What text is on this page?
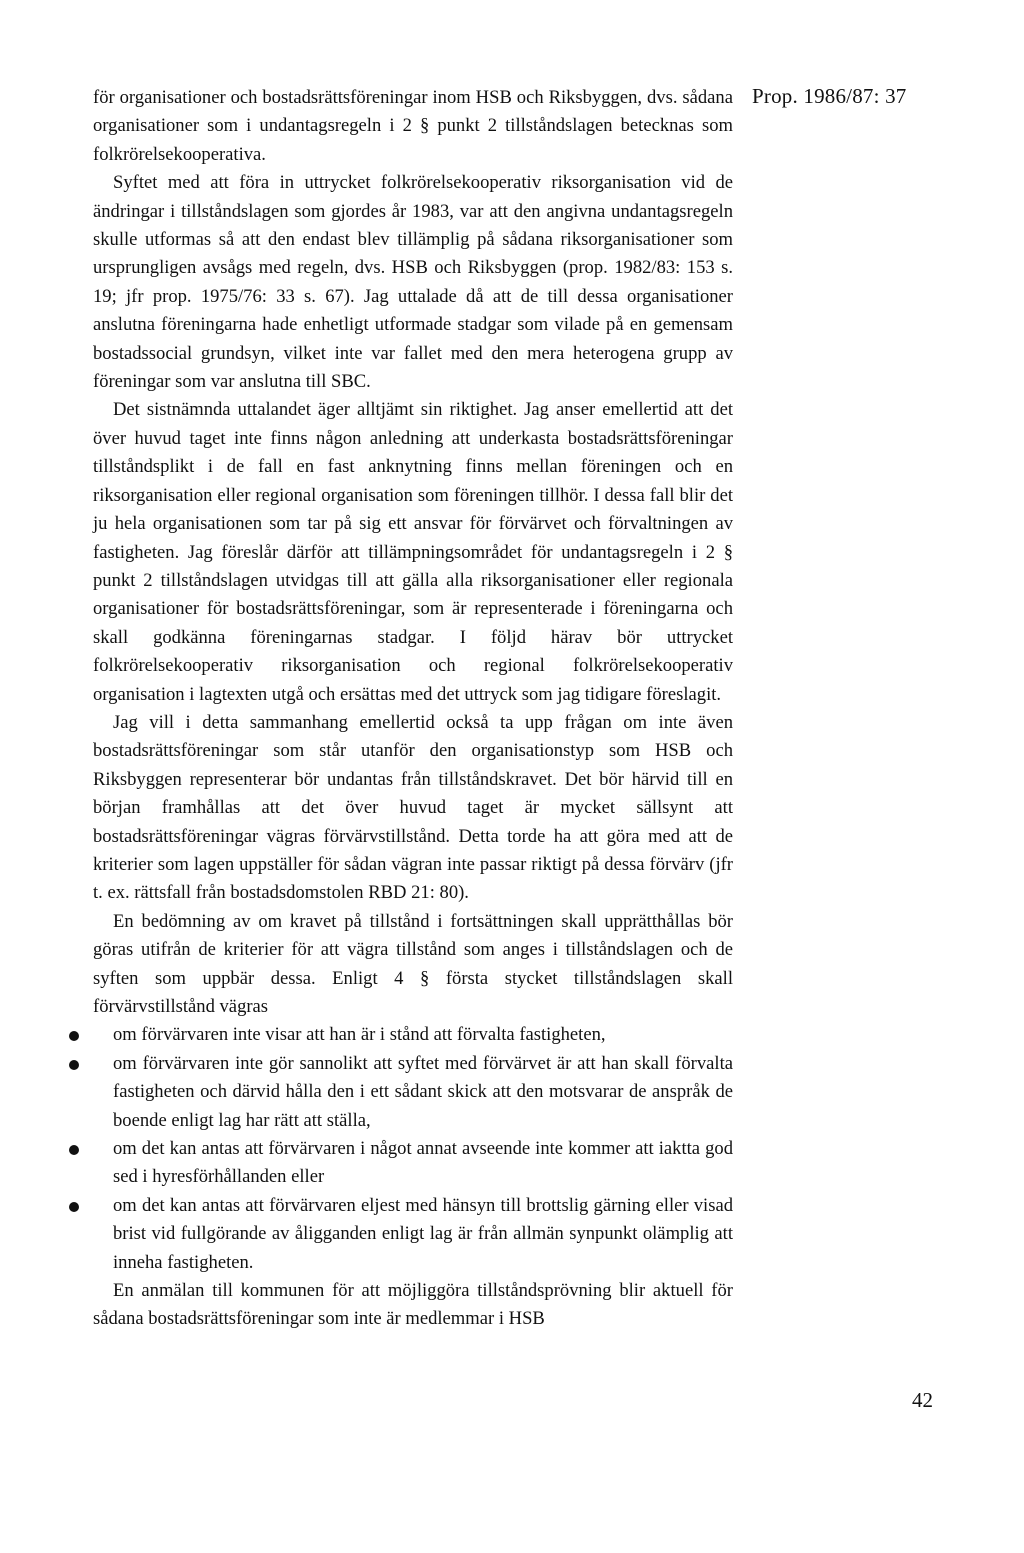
Prop. 1986/87: 37

för organisationer och bostadsrättsföreningar inom HSB och Riksbyggen, dvs. sådana organisationer som i undantagsregeln i 2 § punkt 2 tillståndslagen betecknas som folkrörelsekooperativa.

Syftet med att föra in uttrycket folkrörelsekooperativ riksorganisation vid de ändringar i tillståndslagen som gjordes år 1983, var att den angivna undantagsregeln skulle utformas så att den endast blev tillämplig på sådana riksorganisationer som ursprungligen avsågs med regeln, dvs. HSB och Riksbyggen (prop. 1982/83: 153 s. 19; jfr prop. 1975/76: 33 s. 67). Jag uttalade då att de till dessa organisationer anslutna föreningarna hade enhetligt utformade stadgar som vilade på en gemensam bostadssocial grundsyn, vilket inte var fallet med den mera heterogena grupp av föreningar som var anslutna till SBC.

Det sistnämnda uttalandet äger alltjämt sin riktighet. Jag anser emellertid att det över huvud taget inte finns någon anledning att underkasta bostadsrättsföreningar tillståndsplikt i de fall en fast anknytning finns mellan föreningen och en riksorganisation eller regional organisation som föreningen tillhör. I dessa fall blir det ju hela organisationen som tar på sig ett ansvar för förvärvet och förvaltningen av fastigheten. Jag föreslår därför att tillämpningsområdet för undantagsregeln i 2 § punkt 2 tillståndslagen utvidgas till att gälla alla riksorganisationer eller regionala organisationer för bostadsrättsföreningar, som är representerade i föreningarna och skall godkänna föreningarnas stadgar. I följd härav bör uttrycket folkrörelsekooperativ riksorganisation och regional folkrörelsekooperativ organisation i lagtexten utgå och ersättas med det uttryck som jag tidigare föreslagit.

Jag vill i detta sammanhang emellertid också ta upp frågan om inte även bostadsrättsföreningar som står utanför den organisationstyp som HSB och Riksbyggen representerar bör undantas från tillståndskravet. Det bör härvid till en början framhållas att det över huvud taget är mycket sällsynt att bostadsrättsföreningar vägras förvärvstillstånd. Detta torde ha att göra med att de kriterier som lagen uppställer för sådan vägran inte passar riktigt på dessa förvärv (jfr t. ex. rättsfall från bostadsdomstolen RBD 21: 80).

En bedömning av om kravet på tillstånd i fortsättningen skall upprätthållas bör göras utifrån de kriterier för att vägra tillstånd som anges i tillståndslagen och de syften som uppbär dessa. Enligt 4 § första stycket tillståndslagen skall förvärvstillstånd vägras

om förvärvaren inte visar att han är i stånd att förvalta fastigheten,
om förvärvaren inte gör sannolikt att syftet med förvärvet är att han skall förvalta fastigheten och därvid hålla den i ett sådant skick att den motsvarar de anspråk de boende enligt lag har rätt att ställa,
om det kan antas att förvärvaren i något annat avseende inte kommer att iaktta god sed i hyresförhållanden eller
om det kan antas att förvärvaren eljest med hänsyn till brottslig gärning eller visad brist vid fullgörande av åligganden enligt lag är från allmän synpunkt olämplig att inneha fastigheten.

En anmälan till kommunen för att möjliggöra tillståndsprövning blir aktuell för sådana bostadsrättsföreningar som inte är medlemmar i HSB

42
